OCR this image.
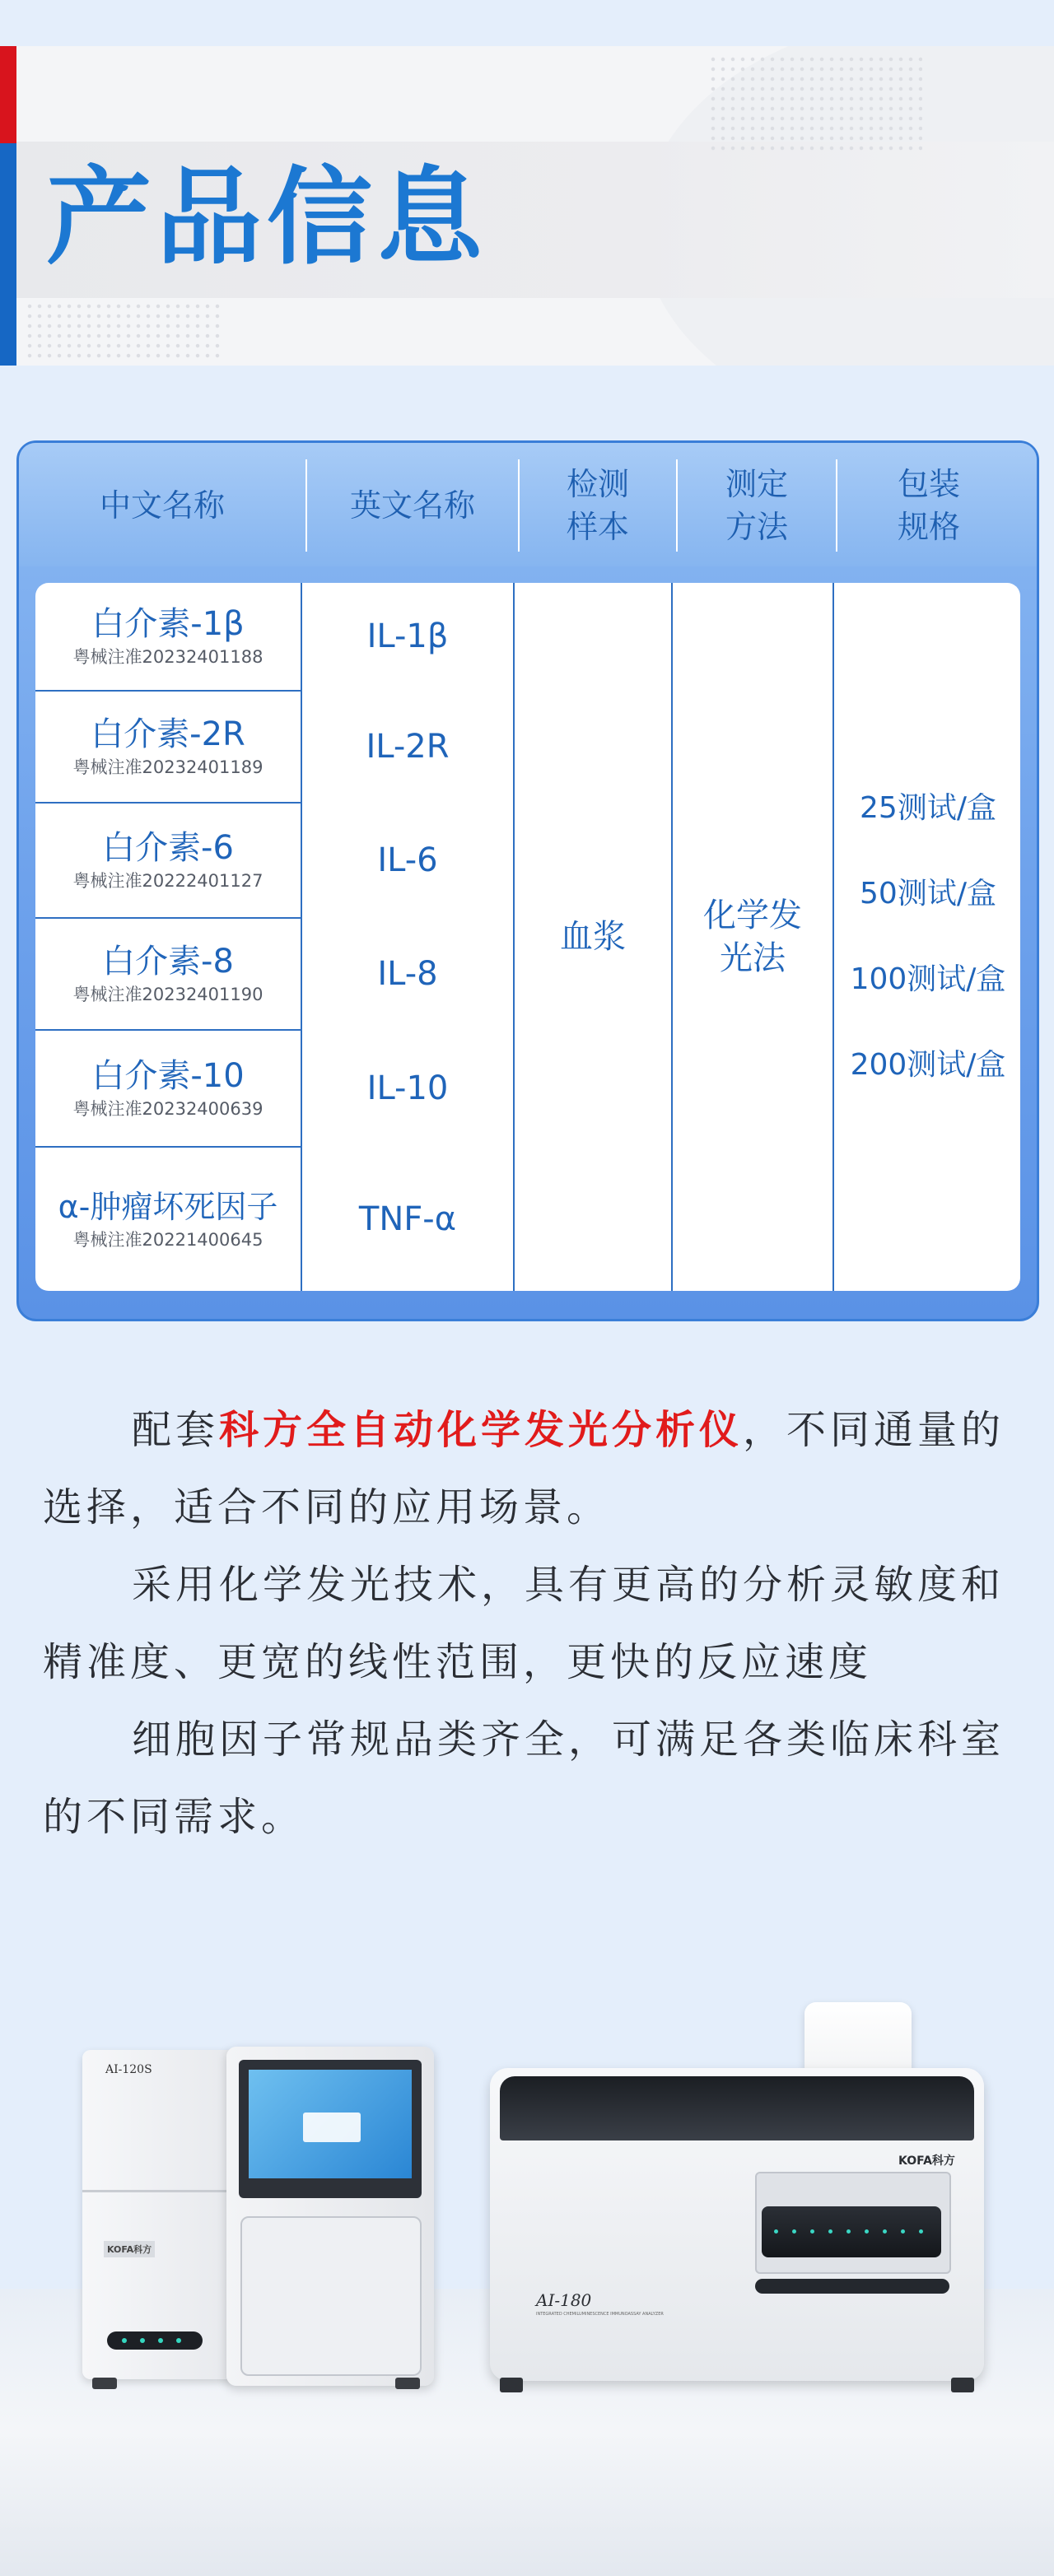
产品信息
中文名称	英文名称
检测
样本
测定
方法
包装
规格
白介素-1β
粤械注准20232401188
IL-1β
白介素-2R
粤械注准20232401189
IL-2R
白介素-6
粤械注准20222401127
IL-6
白介素-8
粤械注准20232401190
IL-8
白介素-10
粤械注准20232400639
IL-10
α-肿瘤坏死因子
粤械注准20221400645
TNF-α
血浆
化学发
光法
25测试/盒
50测试/盒
100测试/盒
200测试/盒

配套科方全自动化学发光分析仪，不同通量的选择，适合不同的应用场景。

采用化学发光技术，具有更高的分析灵敏度和精准度、更宽的线性范围，更快的反应速度

细胞因子常规品类齐全，可满足各类临床科室的不同需求。

AI-120S
KOFA科方
KOFA科方
AI-180
INTEGRATED CHEMILUMINESCENCE IMMUNOASSAY ANALYZER
